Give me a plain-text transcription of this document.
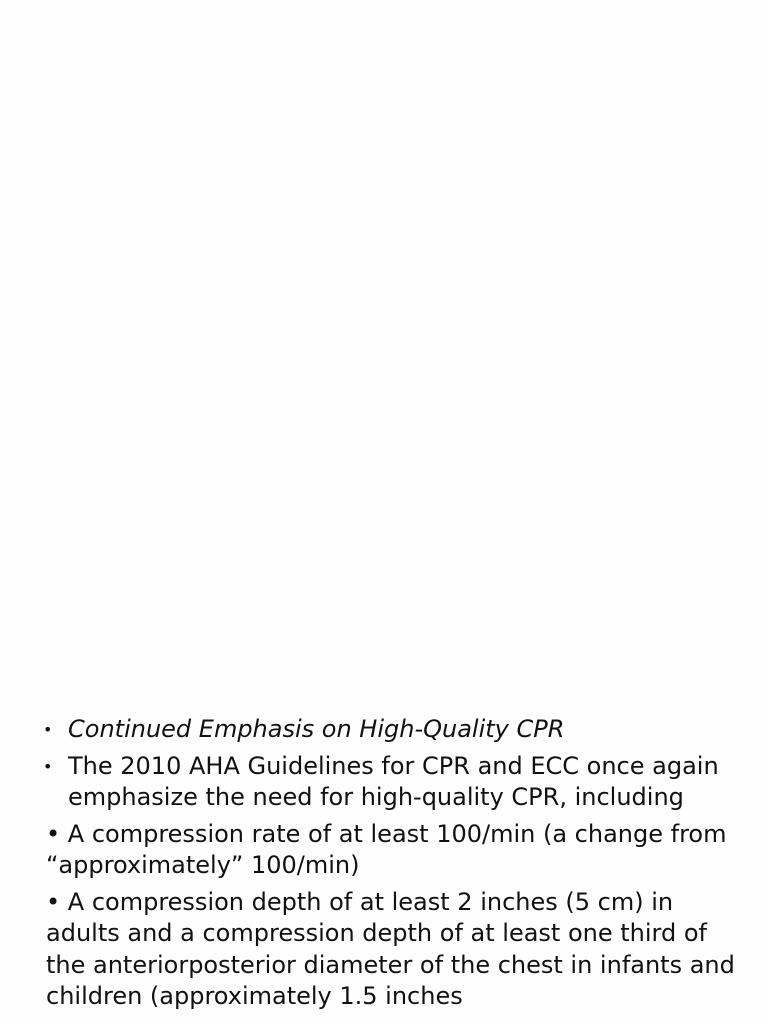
• Continued Emphasis on High-Quality CPR
• The 2010 AHA Guidelines for CPR and ECC once again emphasize the need for high-quality CPR, including
• A compression rate of at least 100/min (a change from “approximately” 100/min)
• A compression depth of at least 2 inches (5 cm) in adults and a compression depth of at least one third of the anteriorposterior diameter of the chest in infants and children (approximately 1.5 inches
